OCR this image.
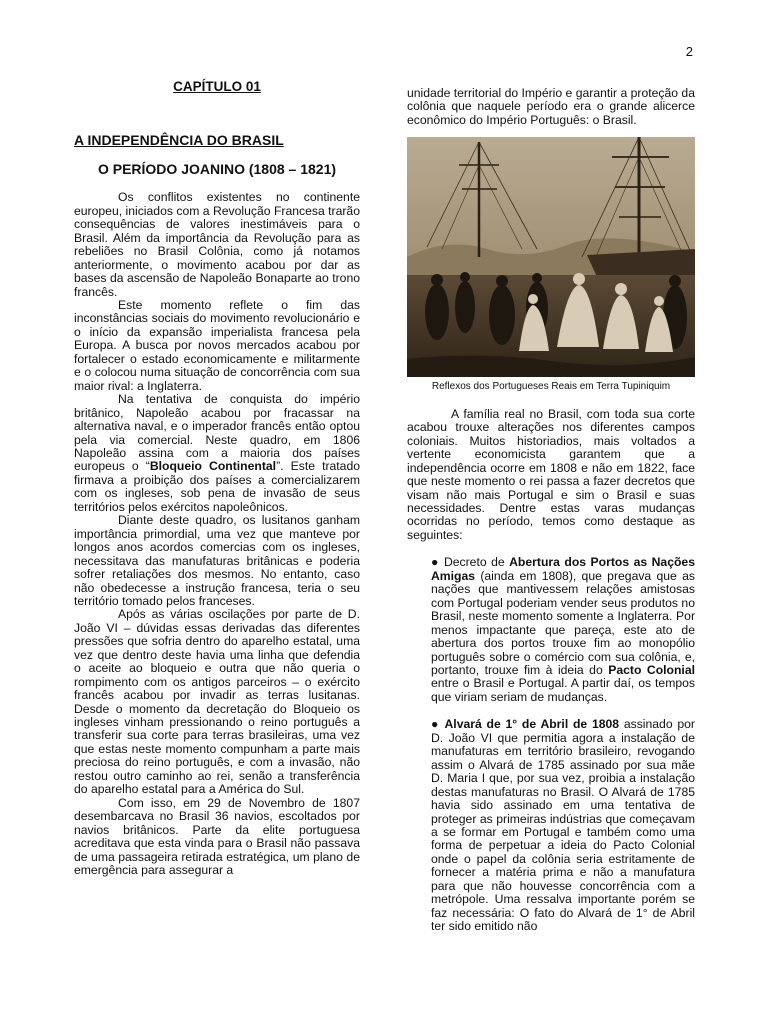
2
CAPÍTULO 01
A INDEPENDÊNCIA DO BRASIL
O PERÍODO JOANINO (1808 – 1821)

Os conflitos existentes no continente europeu, iniciados com a Revolução Francesa trarão consequências de valores inestimáveis para o Brasil. Além da importância da Revolução para as rebeliões no Brasil Colônia, como já notamos anteriormente, o movimento acabou por dar as bases da ascensão de Napoleão Bonaparte ao trono francês.

Este momento reflete o fim das inconstâncias sociais do movimento revolucionário e o início da expansão imperialista francesa pela Europa. A busca por novos mercados acabou por fortalecer o estado economicamente e militarmente e o colocou numa situação de concorrência com sua maior rival: a Inglaterra.

Na tentativa de conquista do império britânico, Napoleão acabou por fracassar na alternativa naval, e o imperador francês então optou pela via comercial. Neste quadro, em 1806 Napoleão assina com a maioria dos países europeus o “Bloqueio Continental”. Este tratado firmava a proibição dos países a comercializarem com os ingleses, sob pena de invasão de seus territórios pelos exércitos napoleônicos.

Diante deste quadro, os lusitanos ganham importância primordial, uma vez que manteve por longos anos acordos comercias com os ingleses, necessitava das manufaturas britânicas e poderia sofrer retaliações dos mesmos. No entanto, caso não obedecesse a instrução francesa, teria o seu território tomado pelos franceses.

Após as várias oscilações por parte de D. João VI – dúvidas essas derivadas das diferentes pressões que sofria dentro do aparelho estatal, uma vez que dentro deste havia uma linha que defendia o aceite ao bloqueio e outra que não queria o rompimento com os antigos parceiros – o exército francês acabou por invadir as terras lusitanas. Desde o momento da decretação do Bloqueio os ingleses vinham pressionando o reino português a transferir sua corte para terras brasileiras, uma vez que estas neste momento compunham a parte mais preciosa do reino português, e com a invasão, não restou outro caminho ao rei, senão a transferência do aparelho estatal para a América do Sul.

Com isso, em 29 de Novembro de 1807 desembarcava no Brasil 36 navios, escoltados por navios britânicos. Parte da elite portuguesa acreditava que esta vinda para o Brasil não passava de uma passageira retirada estratégica, um plano de emergência para assegurar a

unidade territorial do Império e garantir a proteção da colônia que naquele período era o grande alicerce econômico do Império Português: o Brasil.

Reflexos dos Portugueses Reais em Terra Tupiniquim

A família real no Brasil, com toda sua corte acabou trouxe alterações nos diferentes campos coloniais. Muitos historiadios, mais voltados a vertente economicista garantem que a independência ocorre em 1808 e não em 1822, face que neste momento o rei passa a fazer decretos que visam não mais Portugal e sim o Brasil e suas necessidades. Dentre estas varas mudanças ocorridas no período, temos como destaque as seguintes:

● Decreto de Abertura dos Portos as Nações Amigas (ainda em 1808), que pregava que as nações que mantivessem relações amistosas com Portugal poderiam vender seus produtos no Brasil, neste momento somente a Inglaterra. Por menos impactante que pareça, este ato de abertura dos portos trouxe fim ao monopólio português sobre o comércio com sua colônia, e, portanto, trouxe fim à ideia do Pacto Colonial entre o Brasil e Portugal. A partir daí, os tempos que viriam seriam de mudanças.

● Alvará de 1° de Abril de 1808 assinado por D. João VI que permitia agora a instalação de manufaturas em território brasileiro, revogando assim o Alvará de 1785 assinado por sua mãe D. Maria I que, por sua vez, proibia a instalação destas manufaturas no Brasil. O Alvará de 1785 havia sido assinado em uma tentativa de proteger as primeiras indústrias que começavam a se formar em Portugal e também como uma forma de perpetuar a ideia do Pacto Colonial onde o papel da colônia seria estritamente de fornecer a matéria prima e não a manufatura para que não houvesse concorrência com a metrópole. Uma ressalva importante porém se faz necessária: O fato do Alvará de 1° de Abril ter sido emitido não
